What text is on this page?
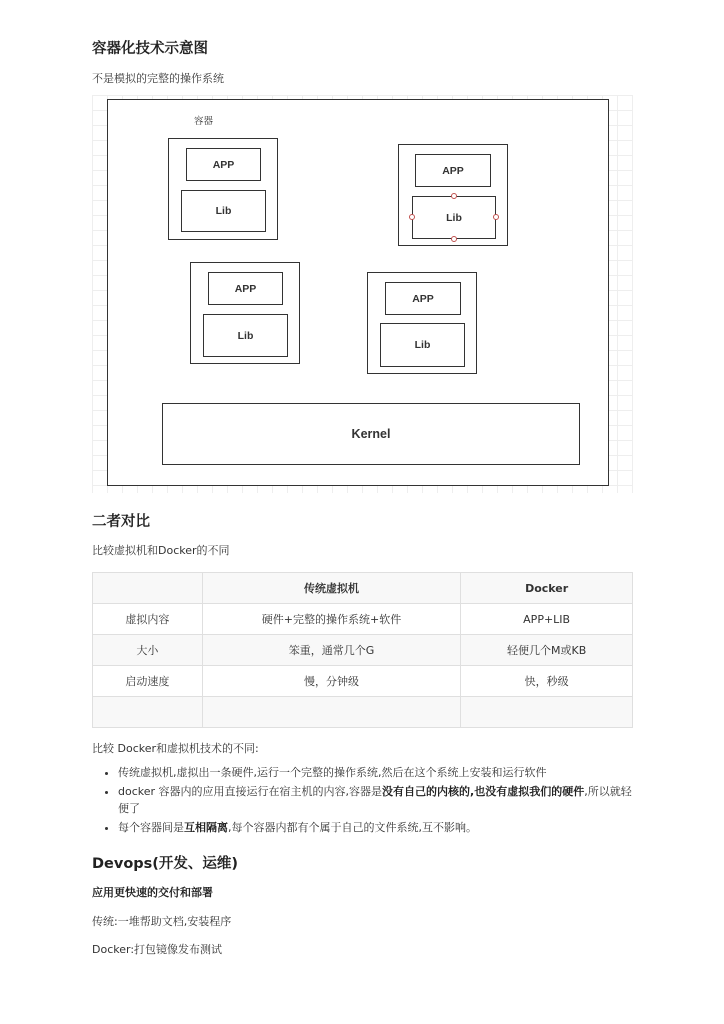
容器化技术示意图

不是模拟的完整的操作系统

容器
APP
Lib
APP
Lib
APP
Lib
APP
Lib
Kernel
二者对比

比较虚拟机和Docker的不同

	传统虚拟机	Docker
虚拟内容	硬件+完整的操作系统+软件	APP+LIB
大小	笨重，通常几个G	轻便几个M或KB
启动速度	慢，分钟级	快，秒级

比较 Docker和虚拟机技术的不同:

• 传统虚拟机,虚拟出一条硬件,运行一个完整的操作系统,然后在这个系统上安装和运行软件
• docker 容器内的应用直接运行在宿主机的内容,容器是没有自己的内核的,也没有虚拟我们的硬件,所以就轻便了
• 每个容器间是互相隔离,每个容器内都有个属于自己的文件系统,互不影响。
Devops(开发、运维)
应用更快速的交付和部署

传统:一堆帮助文档,安装程序

Docker:打包镜像发布测试
